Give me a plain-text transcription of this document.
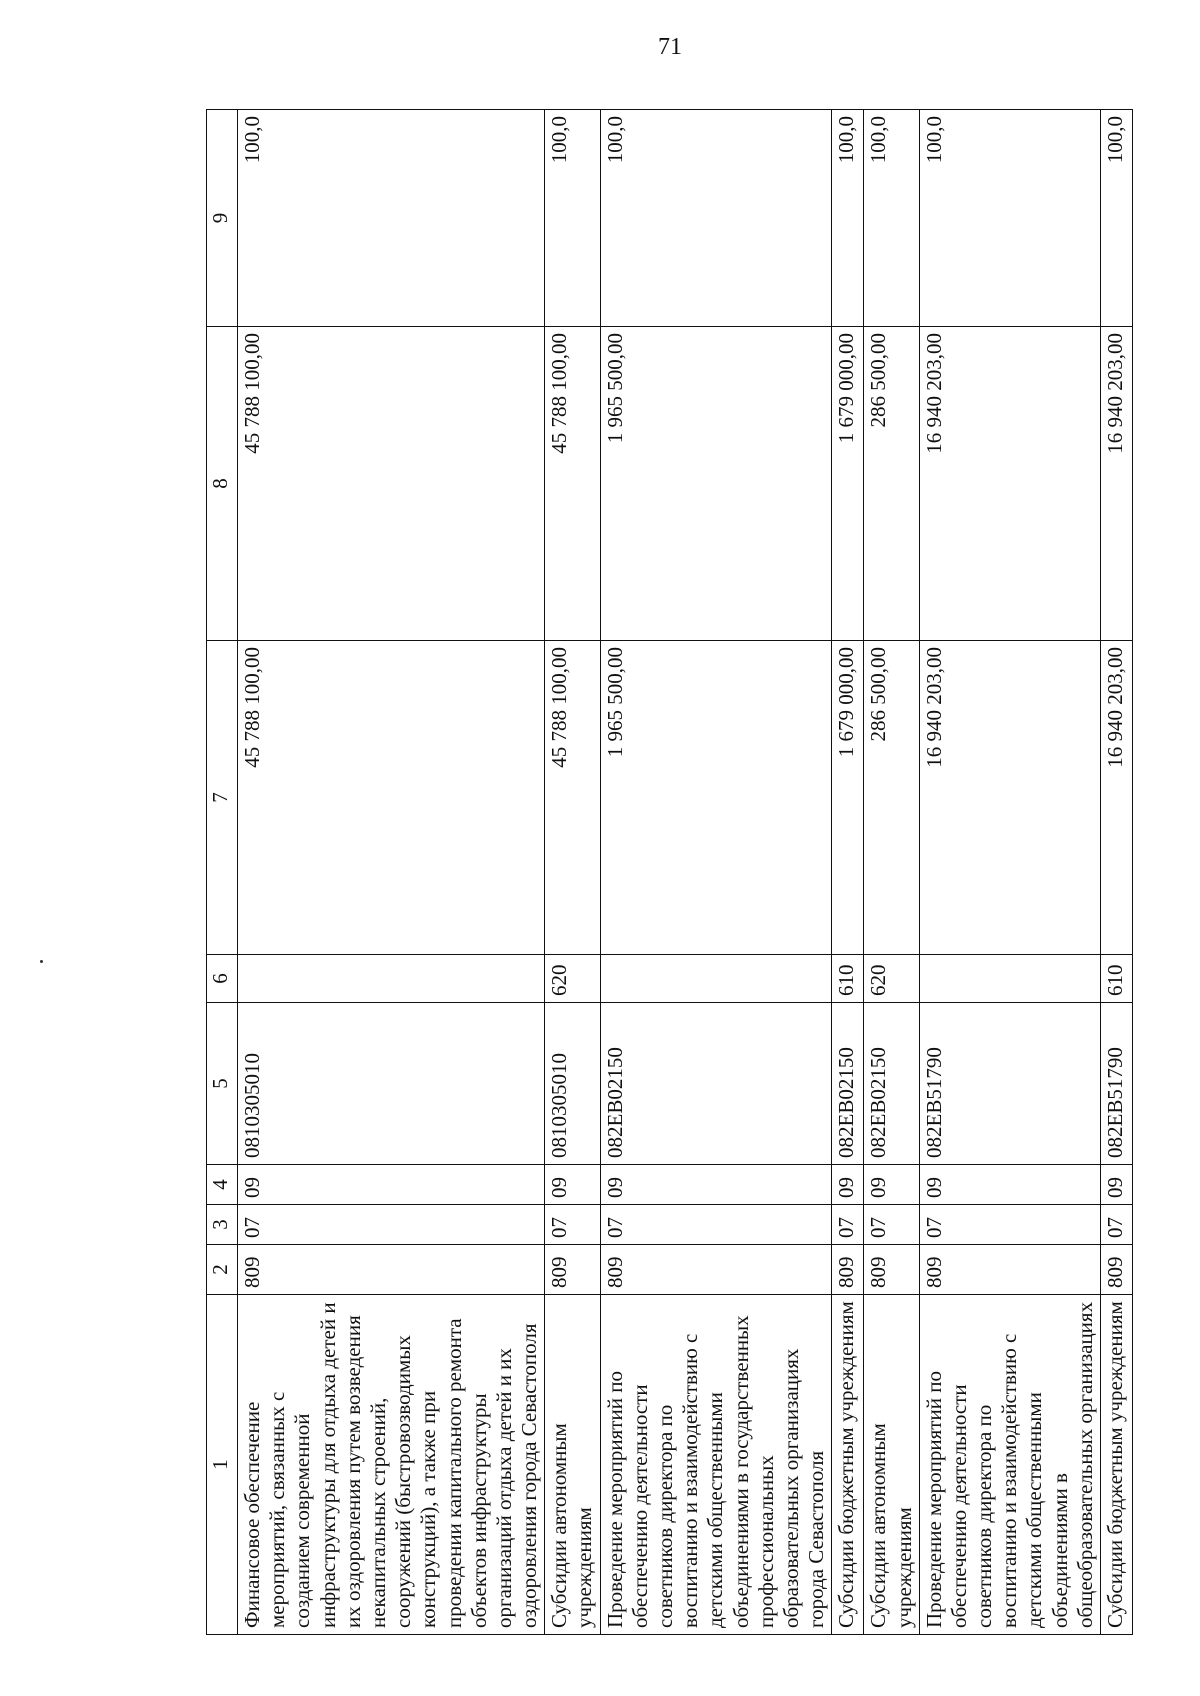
71
1	2	3	4	5	6	7	8	9
Финансовое обеспечение мероприятий, связанных с созданием современной инфраструктуры для отдыха детей и их оздоровления путем возведения некапитальных строений, сооружений (быстровозводимых конструкций), а также при проведении капитального ремонта объектов инфраструктуры организаций отдыха детей и их оздоровления города Севастополя	809	07	09	0810305010		45 788 100,00	45 788 100,00	100,0
Субсидии автономным учреждениям	809	07	09	0810305010	620	45 788 100,00	45 788 100,00	100,0
Проведение мероприятий по обеспечению деятельности советников директора по воспитанию и взаимодействию с детскими общественными объединениями в государственных профессиональных образовательных организациях города Севастополя	809	07	09	082ЕВ02150		1 965 500,00	1 965 500,00	100,0
Субсидии бюджетным учреждениям	809	07	09	082ЕВ02150	610	1 679 000,00	1 679 000,00	100,0
Субсидии автономным учреждениям	809	07	09	082ЕВ02150	620	286 500,00	286 500,00	100,0
Проведение мероприятий по обеспечению деятельности советников директора по воспитанию и взаимодействию с детскими общественными объединениями в общеобразовательных организациях	809	07	09	082ЕВ51790		16 940 203,00	16 940 203,00	100,0
Субсидии бюджетным учреждениям	809	07	09	082ЕВ51790	610	16 940 203,00	16 940 203,00	100,0
